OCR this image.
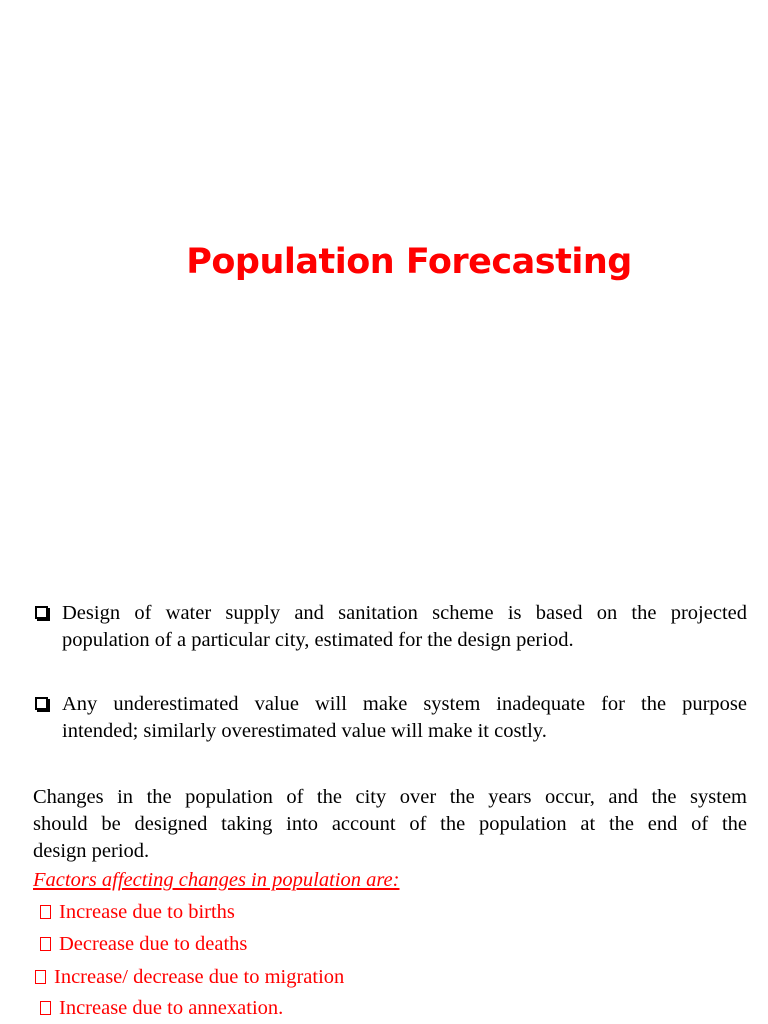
Population Forecasting
Design of water supply and sanitation scheme is based on the projected
population of a particular city, estimated for the design period.
Any underestimated value will make system inadequate for the purpose
intended; similarly overestimated value will make it costly.
Changes in the population of the city over the years occur, and the system
should be designed taking into account of the population at the end of the
design period.
Factors affecting changes in population are:
Increase due to births
Decrease due to deaths
Increase/ decrease due to migration
Increase due to annexation.
